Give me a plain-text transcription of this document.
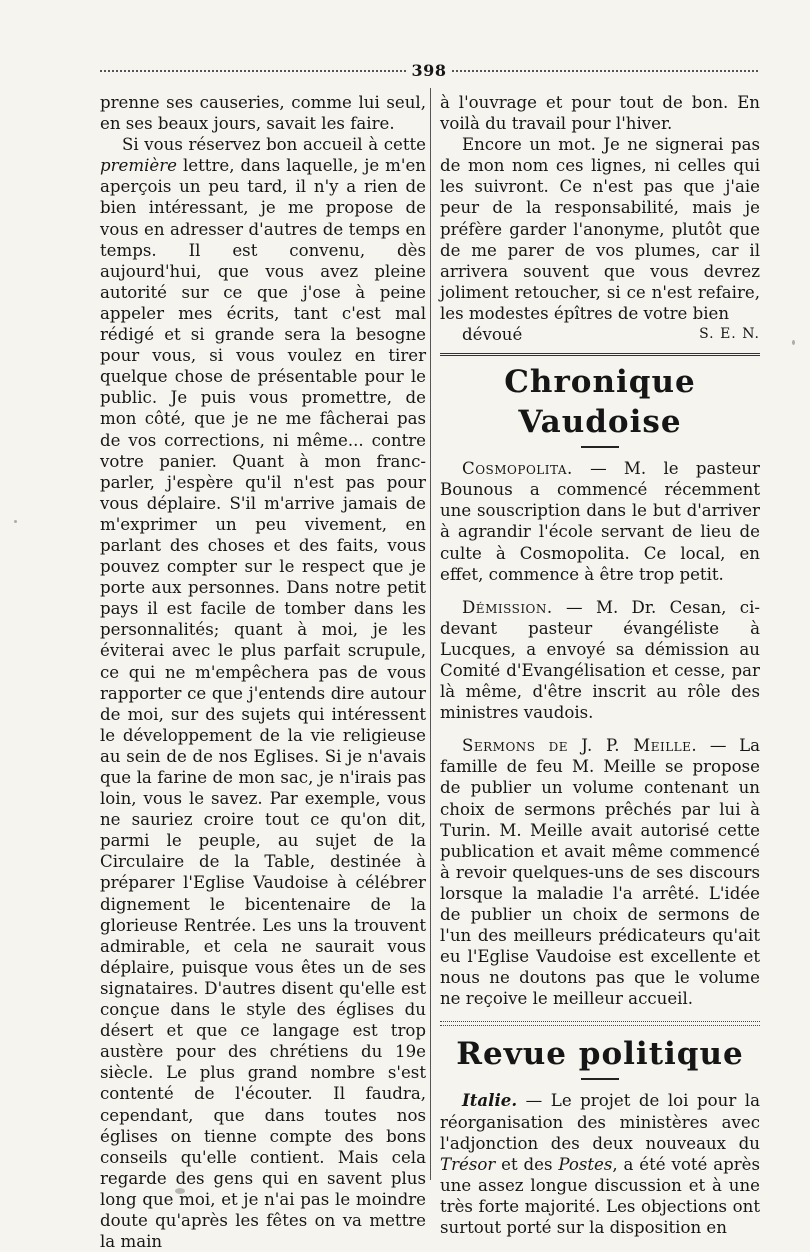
398

prenne ses causeries, comme lui seul, en ses beaux jours, savait les faire.

Si vous réservez bon accueil à cette première lettre, dans laquelle, je m'en aperçois un peu tard, il n'y a rien de bien intéressant, je me propose de vous en adresser d'autres de temps en temps. Il est convenu, dès aujourd'hui, que vous avez pleine autorité sur ce que j'ose à peine appeler mes écrits, tant c'est mal rédigé et si grande sera la besogne pour vous, si vous voulez en tirer quelque chose de présentable pour le public. Je puis vous promettre, de mon côté, que je ne me fâcherai pas de vos corrections, ni même... contre votre panier. Quant à mon franc-parler, j'espère qu'il n'est pas pour vous déplaire. S'il m'arrive jamais de m'exprimer un peu vivement, en parlant des choses et des faits, vous pouvez compter sur le respect que je porte aux personnes. Dans notre petit pays il est facile de tomber dans les personnalités; quant à moi, je les éviterai avec le plus parfait scrupule, ce qui ne m'empêchera pas de vous rapporter ce que j'entends dire autour de moi, sur des sujets qui intéressent le développement de la vie religieuse au sein de de nos Eglises. Si je n'avais que la farine de mon sac, je n'irais pas loin, vous le savez. Par exemple, vous ne sauriez croire tout ce qu'on dit, parmi le peuple, au sujet de la Circulaire de la Table, destinée à préparer l'Eglise Vaudoise à célébrer dignement le bicentenaire de la glorieuse Rentrée. Les uns la trouvent admirable, et cela ne saurait vous déplaire, puisque vous êtes un de ses signataires. D'autres disent qu'elle est conçue dans le style des églises du désert et que ce langage est trop austère pour des chrétiens du 19e siècle. Le plus grand nombre s'est contenté de l'écouter. Il faudra, cependant, que dans toutes nos églises on tienne compte des bons conseils qu'elle contient. Mais cela regarde des gens qui en savent plus long que moi, et je n'ai pas le moindre doute qu'après les fêtes on va mettre la main

à l'ouvrage et pour tout de bon. En voilà du travail pour l'hiver.

Encore un mot. Je ne signerai pas de mon nom ces lignes, ni celles qui les suivront. Ce n'est pas que j'aie peur de la responsabilité, mais je préfère garder l'anonyme, plutôt que de me parer de vos plumes, car il arrivera souvent que vous devrez joliment retoucher, si ce n'est refaire, les modestes épîtres de votre bien

dévoué	S. E. N.

Chronique Vaudoise

Cosmopolita. — M. le pasteur Bounous a commencé récemment une souscription dans le but d'arriver à agrandir l'école servant de lieu de culte à Cosmopolita. Ce local, en effet, commence à être trop petit.

Démission. — M. Dr. Cesan, ci-devant pasteur évangéliste à Lucques, a envoyé sa démission au Comité d'Evangélisation et cesse, par là même, d'être inscrit au rôle des ministres vaudois.

Sermons de J. P. Meille. — La famille de feu M. Meille se propose de publier un volume contenant un choix de sermons prêchés par lui à Turin. M. Meille avait autorisé cette publication et avait même commencé à revoir quelques-uns de ses discours lorsque la maladie l'a arrêté. L'idée de publier un choix de sermons de l'un des meilleurs prédicateurs qu'ait eu l'Eglise Vaudoise est excellente et nous ne doutons pas que le volume ne reçoive le meilleur accueil.

Revue politique

Italie. — Le projet de loi pour la réorganisation des ministères avec l'adjonction des deux nouveaux du Trésor et des Postes, a été voté après une assez longue discussion et à une très forte majorité. Les objections ont surtout porté sur la disposition en
